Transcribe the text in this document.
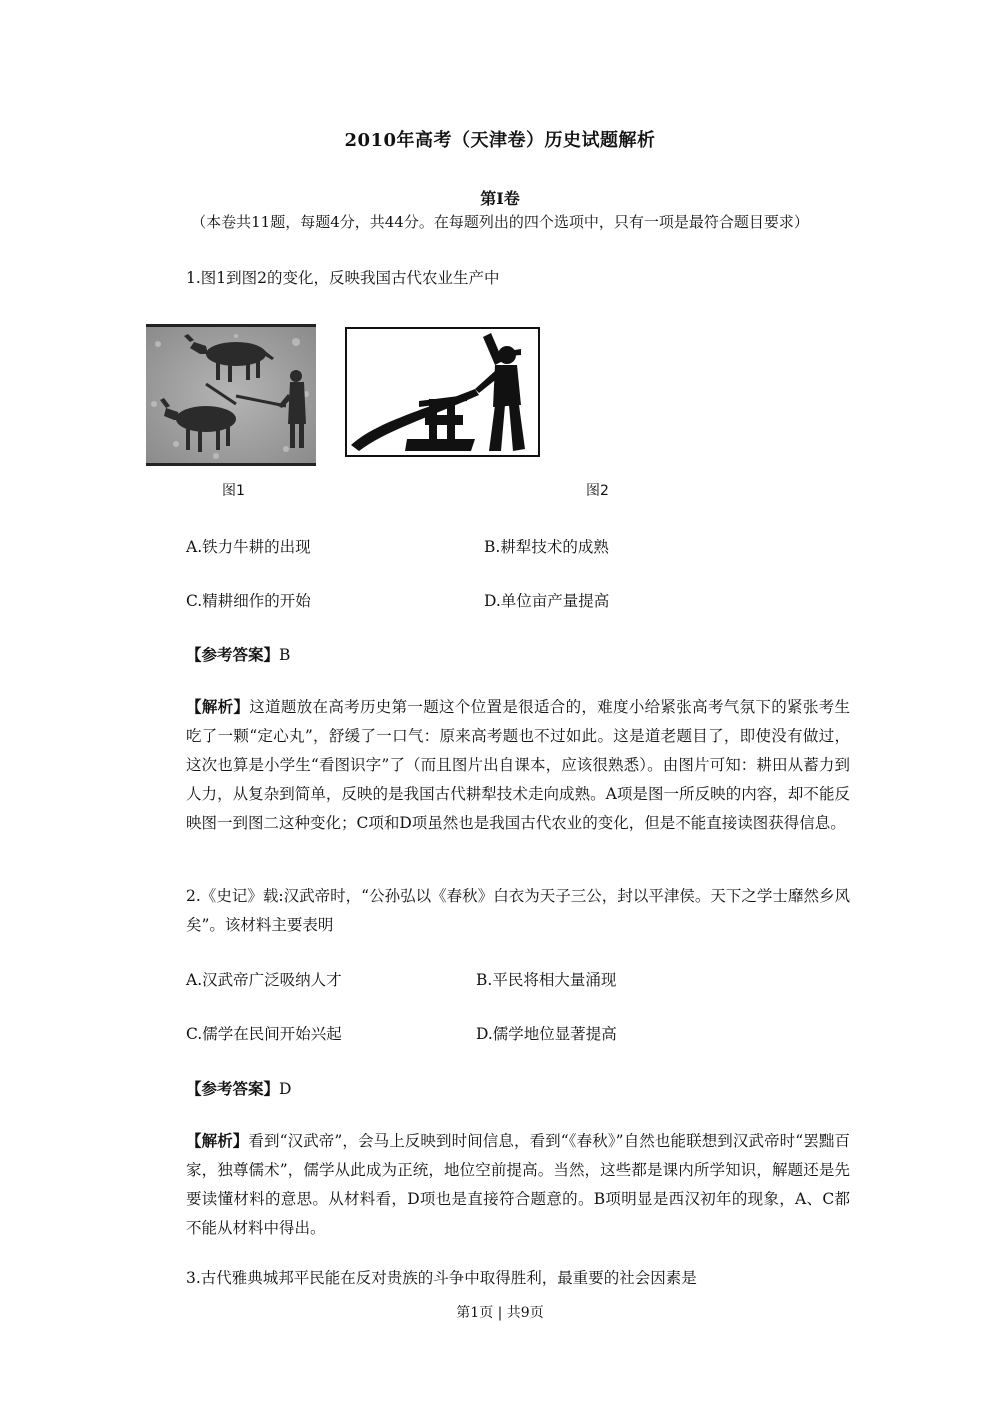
2010年高考（天津卷）历史试题解析
第Ⅰ卷
（本卷共11题，每题4分，共44分。在每题列出的四个选项中，只有一项是最符合题目要求）
1.图1到图2的变化，反映我国古代农业生产中
图1	图2
A.铁力牛耕的出现	B.耕犁技术的成熟
C.精耕细作的开始	D.单位亩产量提高
【参考答案】B
【解析】这道题放在高考历史第一题这个位置是很适合的，难度小给紧张高考气氛下的紧张考生吃了一颗“定心丸”，舒缓了一口气：原来高考题也不过如此。这是道老题目了，即使没有做过，这次也算是小学生“看图识字”了（而且图片出自课本，应该很熟悉）。由图片可知：耕田从蓄力到人力，从复杂到简单，反映的是我国古代耕犁技术走向成熟。A项是图一所反映的内容，却不能反映图一到图二这种变化；C项和D项虽然也是我国古代农业的变化，但是不能直接读图获得信息。
2.《史记》载:汉武帝时，“公孙弘以《春秋》白衣为天子三公，封以平津侯。天下之学士靡然乡风矣”。该材料主要表明
A.汉武帝广泛吸纳人才	B.平民将相大量涌现
C.儒学在民间开始兴起	D.儒学地位显著提高
【参考答案】D
【解析】看到“汉武帝”，会马上反映到时间信息，看到“《春秋》”自然也能联想到汉武帝时“罢黜百家，独尊儒术”，儒学从此成为正统，地位空前提高。当然，这些都是课内所学知识，解题还是先要读懂材料的意思。从材料看，D项也是直接符合题意的。B项明显是西汉初年的现象，A、C都不能从材料中得出。
3.古代雅典城邦平民能在反对贵族的斗争中取得胜利，最重要的社会因素是
第1页 | 共9页
